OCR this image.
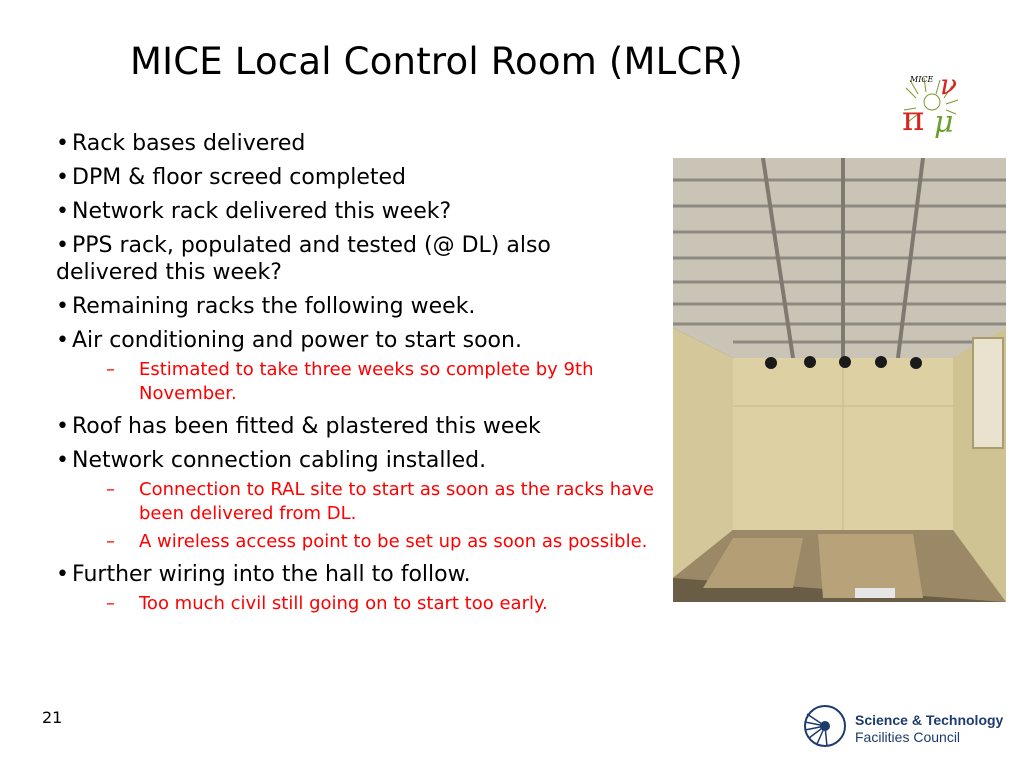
MICE Local Control Room (MLCR)	MICE ν
π μ
• Rack bases delivered
• DPM & floor screed completed
• Network rack delivered this week?
• PPS rack, populated and tested (@ DL) also delivered this week?
• Remaining racks the following week.
• Air conditioning and power to start soon.
– Estimated to take three weeks so complete by 9th November.
• Roof has been fitted & plastered this week
• Network connection cabling installed.
– Connection to RAL site to start as soon as the racks have been delivered from DL.
– A wireless access point to be set up as soon as possible.
• Further wiring into the hall to follow.
– Too much civil still going on to start too early.
21	Science & Technology
Facilities Council
